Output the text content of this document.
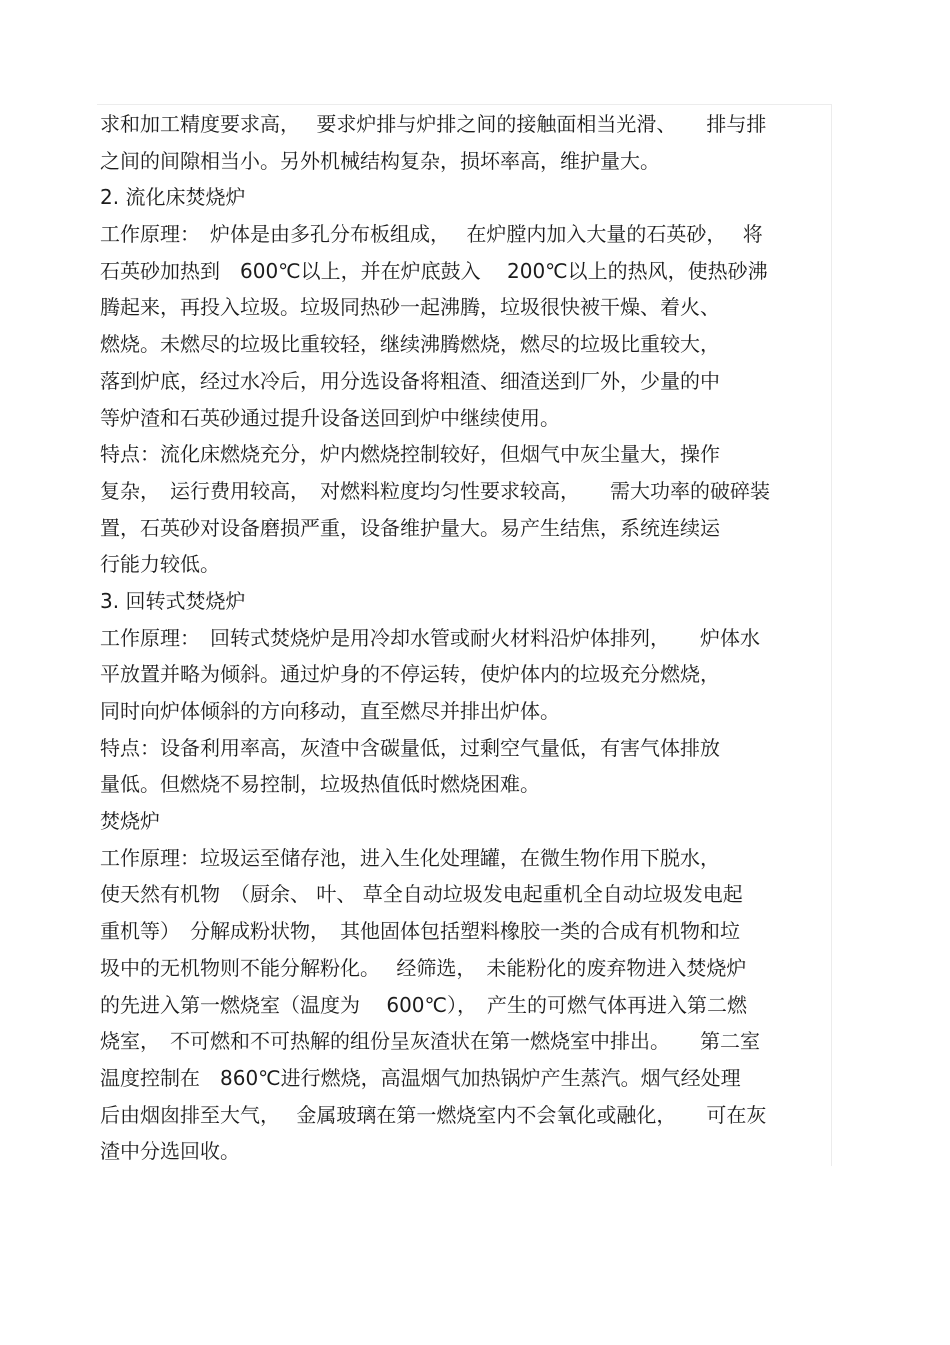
求和加工精度要求高，　 要求炉排与炉排之间的接触面相当光滑、　　排与排
之间的间隙相当小。另外机械结构复杂，损坏率高，维护量大。
2. 流化床焚烧炉
工作原理：　炉体是由多孔分布板组成，　 在炉膛内加入大量的石英砂，　 将
石英砂加热到　600℃以上，并在炉底鼓入　 200℃以上的热风，使热砂沸
腾起来，再投入垃圾。垃圾同热砂一起沸腾，垃圾很快被干燥、着火、
燃烧。未燃尽的垃圾比重较轻，继续沸腾燃烧，燃尽的垃圾比重较大，
落到炉底，经过水冷后，用分选设备将粗渣、细渣送到厂外，少量的中
等炉渣和石英砂通过提升设备送回到炉中继续使用。
特点：流化床燃烧充分，炉内燃烧控制较好，但烟气中灰尘量大，操作
复杂，　运行费用较高，　对燃料粒度均匀性要求较高，　　需大功率的破碎装
置，石英砂对设备磨损严重，设备维护量大。易产生结焦，系统连续运
行能力较低。
3. 回转式焚烧炉
工作原理：　回转式焚烧炉是用冷却水管或耐火材料沿炉体排列，　　炉体水
平放置并略为倾斜。通过炉身的不停运转，使炉体内的垃圾充分燃烧，
同时向炉体倾斜的方向移动，直至燃尽并排出炉体。
特点：设备利用率高，灰渣中含碳量低，过剩空气量低，有害气体排放
量低。但燃烧不易控制，垃圾热值低时燃烧困难。
焚烧炉
工作原理：垃圾运至储存池，进入生化处理罐，在微生物作用下脱水，
使天然有机物　（厨余、 叶、 草全自动垃圾发电起重机全自动垃圾发电起
重机等）　分解成粉状物，　其他固体包括塑料橡胶一类的合成有机物和垃
圾中的无机物则不能分解粉化。　 经筛选，　未能粉化的废弃物进入焚烧炉
的先进入第一燃烧室（温度为　 600℃），　产生的可燃气体再进入第二燃
烧室，　不可燃和不可热解的组份呈灰渣状在第一燃烧室中排出。　　第二室
温度控制在　860℃进行燃烧，高温烟气加热锅炉产生蒸汽。烟气经处理
后由烟囱排至大气，　 金属玻璃在第一燃烧室内不会氧化或融化，　　可在灰
渣中分选回收。
